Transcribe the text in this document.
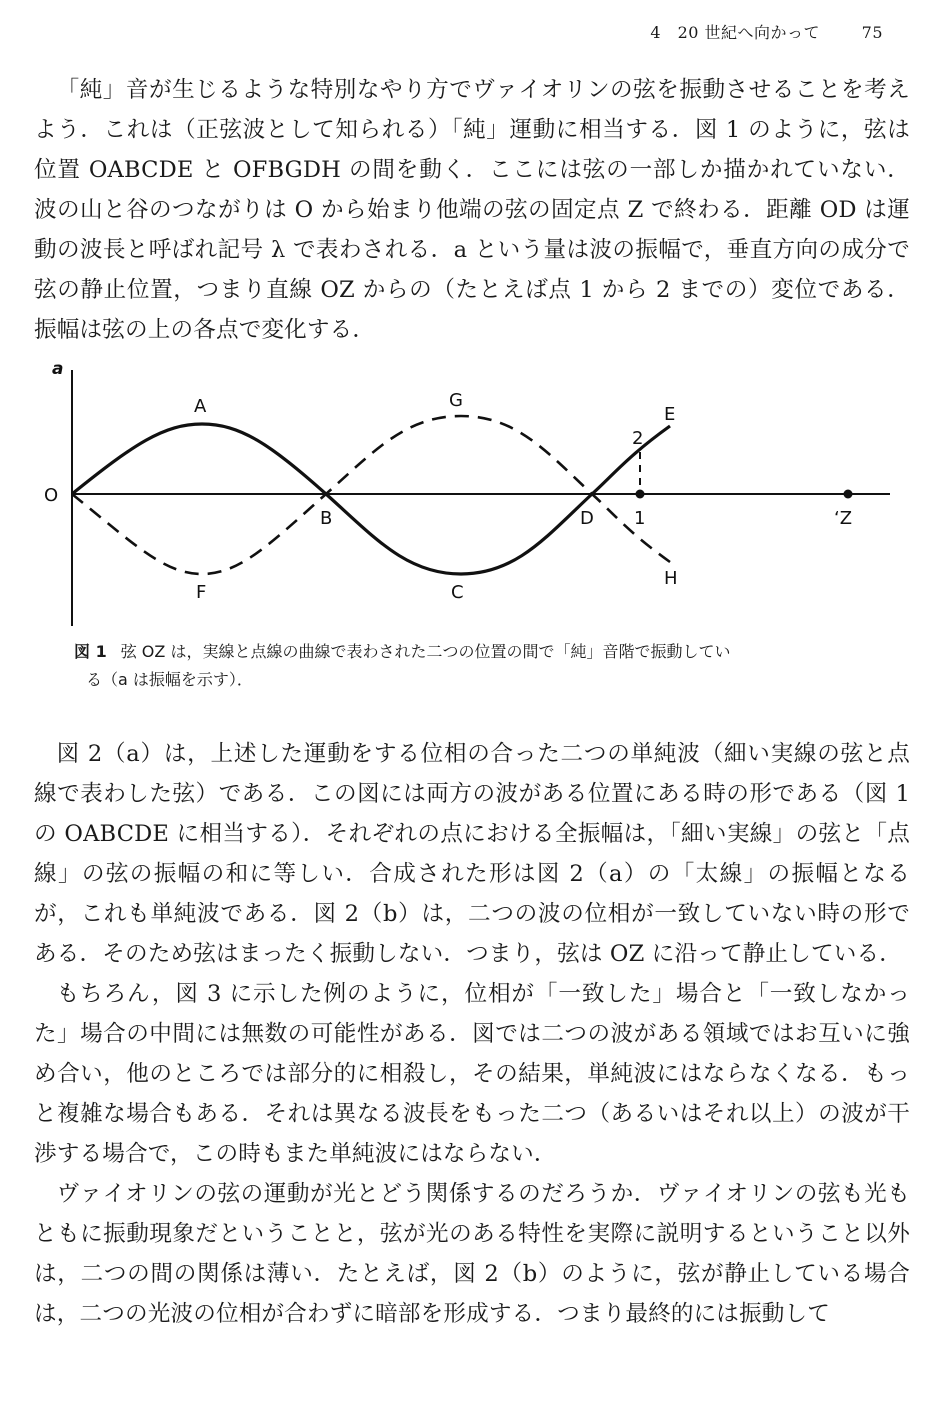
4　20 世紀へ向かって	75

「純」音が生じるような特別なやり方でヴァイオリンの弦を振動させることを考えよう．これは（正弦波として知られる）「純」運動に相当する．図 1 のように，弦は位置 OABCDE と OFBGDH の間を動く．ここには弦の一部しか描かれていない．波の山と谷のつながりは O から始まり他端の弦の固定点 Z で終わる．距離 OD は運動の波長と呼ばれ記号 λ で表わされる．a という量は波の振幅で，垂直方向の成分で弦の静止位置，つまり直線 OZ からの（たとえば点 1 から 2 までの）変位である．振幅は弦の上の各点で変化する．

a
O
A
B
C
D
E
F
G
H
2
1	‘Z
図 1 弦 OZ は，実線と点線の曲線で表わされた二つの位置の間で「純」音階で振動してい
る（a は振幅を示す）．

図 2（a）は，上述した運動をする位相の合った二つの単純波（細い実線の弦と点線で表わした弦）である．この図には両方の波がある位置にある時の形である（図 1 の OABCDE に相当する）．それぞれの点における全振幅は，「細い実線」の弦と「点線」の弦の振幅の和に等しい．合成された形は図 2（a）の「太線」の振幅となるが，これも単純波である．図 2（b）は，二つの波の位相が一致していない時の形である．そのため弦はまったく振動しない．つまり，弦は OZ に沿って静止している．

もちろん，図 3 に示した例のように，位相が「一致した」場合と「一致しなかった」場合の中間には無数の可能性がある．図では二つの波がある領域ではお互いに強め合い，他のところでは部分的に相殺し，その結果，単純波にはならなくなる．もっと複雑な場合もある．それは異なる波長をもった二つ（あるいはそれ以上）の波が干渉する場合で，この時もまた単純波にはならない．

ヴァイオリンの弦の運動が光とどう関係するのだろうか．ヴァイオリンの弦も光もともに振動現象だということと，弦が光のある特性を実際に説明するということ以外は，二つの間の関係は薄い．たとえば，図 2（b）のように，弦が静止している場合は，二つの光波の位相が合わずに暗部を形成する．つまり最終的には振動して
